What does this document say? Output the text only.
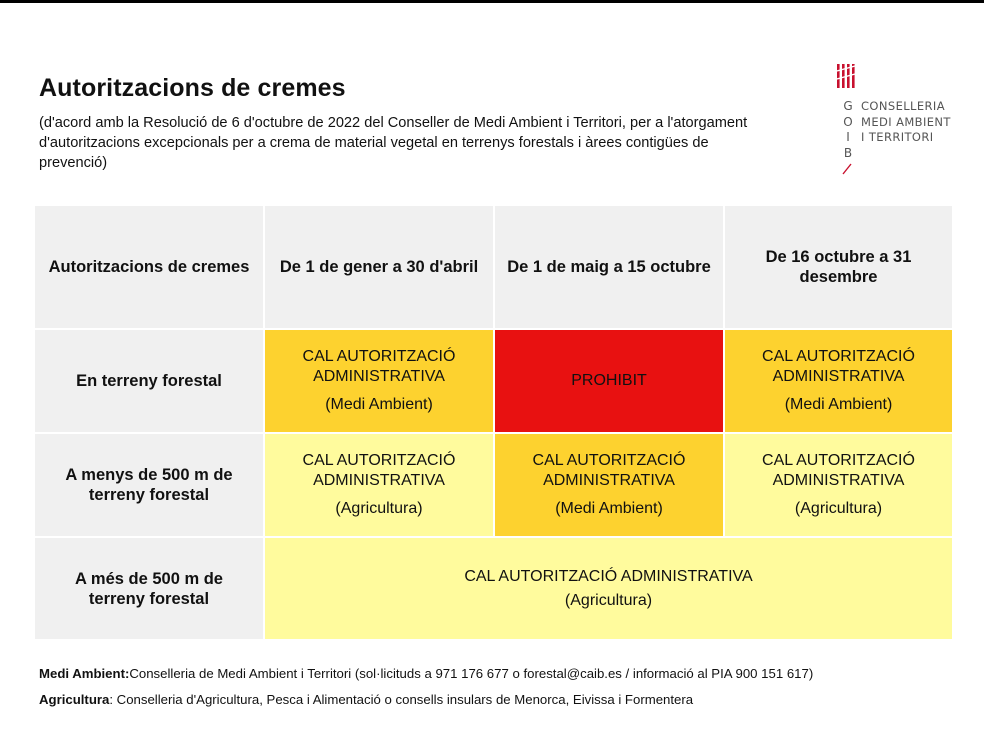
Autoritzacions de cremes

(d'acord amb la Resolució de 6 d'octubre de 2022 del Conseller de Medi Ambient i Territori, per a l'atorgament d'autoritzacions excepcionals per a crema de material vegetal en terrenys forestals i àrees contigües de prevenció)

G
O
I
B
CONSELLERIA
MEDI AMBIENT
I TERRITORI
Autoritzacions de cremes	De 1 de gener a 30 d'abril	De 1 de maig a 15 octubre
De 16 octubre a 31 desembre
En terreny forestal
CAL AUTORITZACIÓ ADMINISTRATIVA
(Medi Ambient)
PROHIBIT
CAL AUTORITZACIÓ ADMINISTRATIVA
(Medi Ambient)
A menys de 500 m de terreny forestal
CAL AUTORITZACIÓ ADMINISTRATIVA
(Agricultura)
CAL AUTORITZACIÓ ADMINISTRATIVA
(Medi Ambient)
CAL AUTORITZACIÓ ADMINISTRATIVA
(Agricultura)
A més de 500 m de terreny forestal
CAL AUTORITZACIÓ ADMINISTRATIVA
(Agricultura)

Medi Ambient:Conselleria de Medi Ambient i Territori (sol·licituds a 971 176 677 o forestal@caib.es / informació al PIA 900 151 617)

Agricultura: Conselleria d'Agricultura, Pesca i Alimentació o consells insulars de Menorca, Eivissa i Formentera
